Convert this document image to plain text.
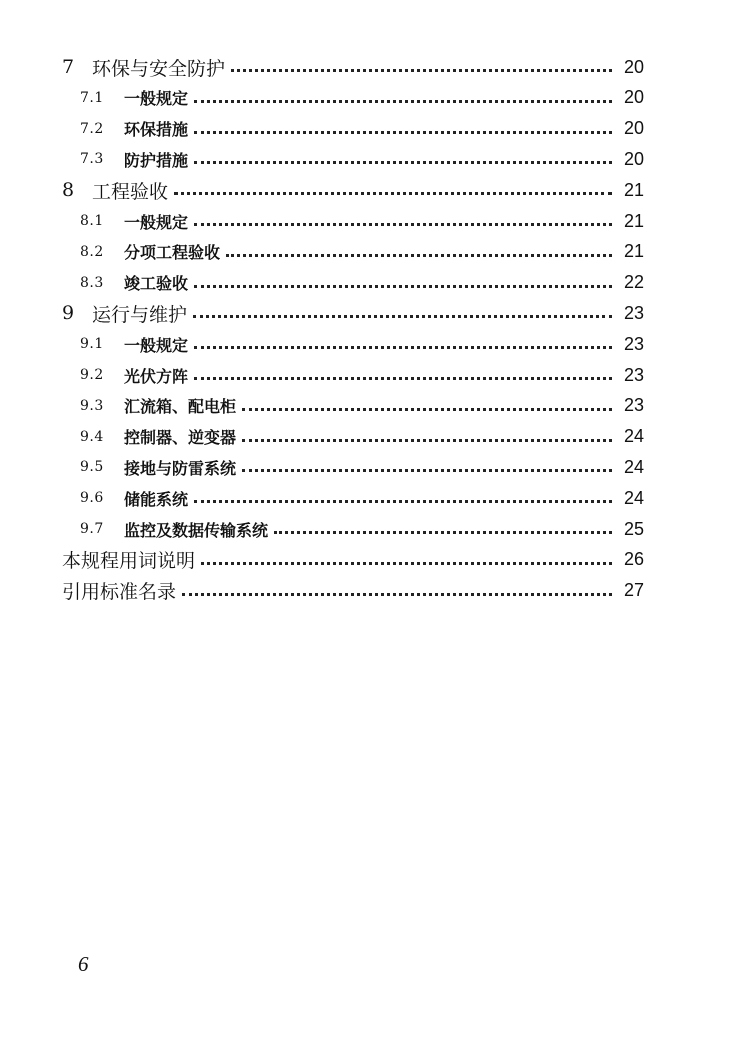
7 环保与安全防护	20
7.1	一般规定	20
7.2	环保措施	20
7.3	防护措施	20
8 工程验收	21
8.1	一般规定	21
8.2	分项工程验收	21
8.3	竣工验收	22
9 运行与维护	23
9.1	一般规定	23
9.2	光伏方阵	23
9.3	汇流箱、配电柜	23
9.4	控制器、逆变器	24
9.5	接地与防雷系统	24
9.6	储能系统	24
9.7	监控及数据传输系统	25
本规程用词说明	26
引用标准名录	27
6
